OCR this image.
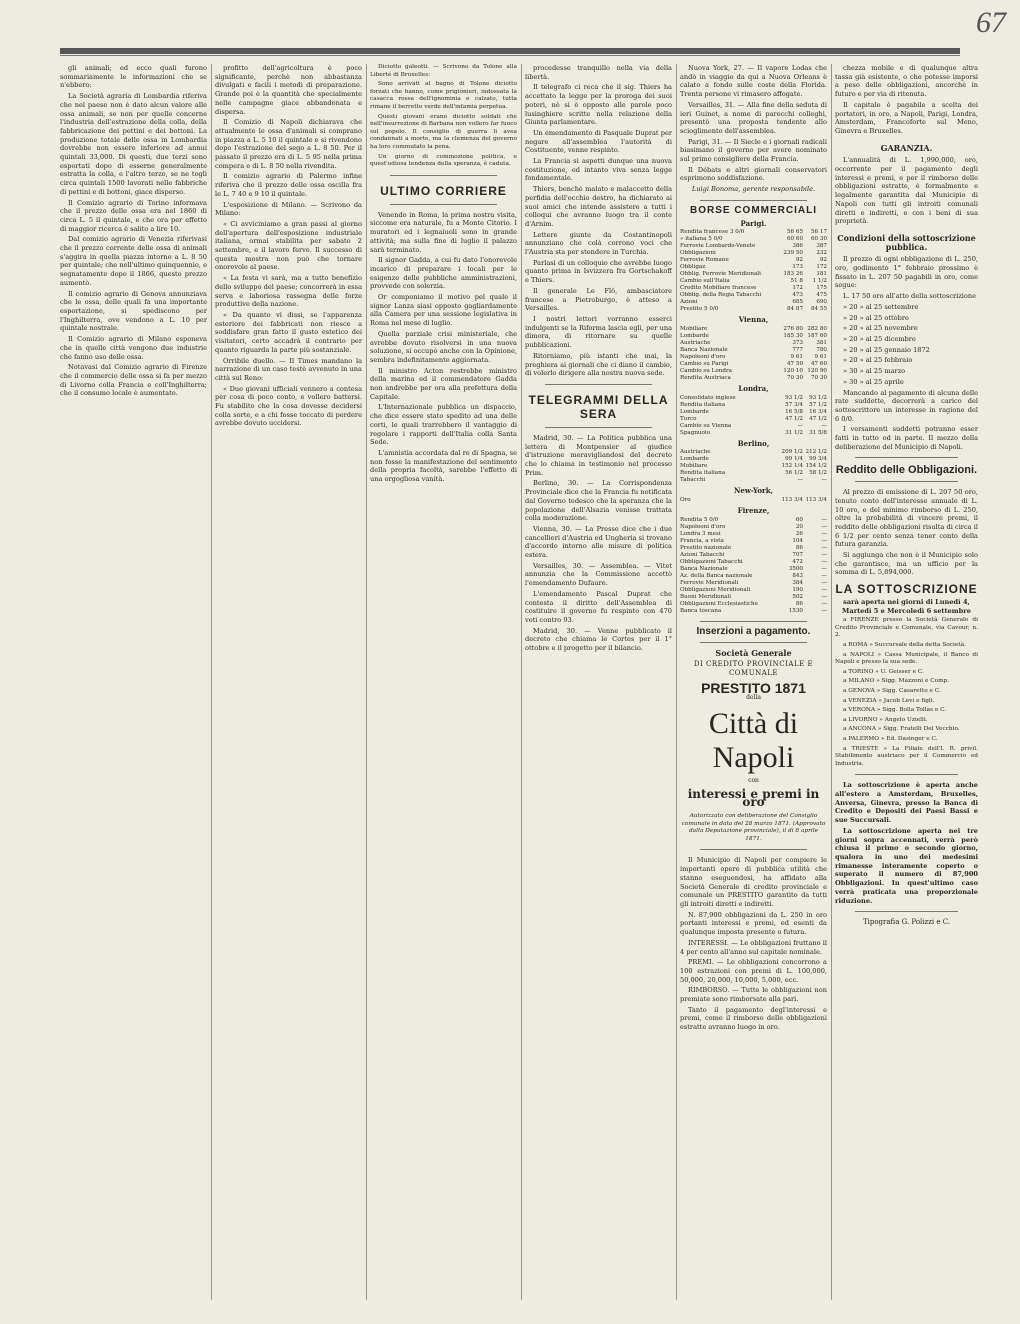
67

gli animali; ed ecco quali furono sommariamente le informazioni che se n'ebbero:

La Società agraria di Lombardia riferiva che nel paese non è dato alcun valore alle ossa animali, se non per quelle concerne l'industria dell'estrazione della colla, della fabbricazione dei pettini e dei bottoni. La produzione totale delle ossa in Lombardia dovrebbe non essere inferiore ad annui quintali 33,000. Di questi, due terzi sono esportati dopo di esserne generalmente estratta la colla, e l'altro terzo, se ne togli circa quintali 1500 lavorati nelle fabbriche di pettini e di bottoni, giace disperso.

Il Comizio agrario di Torino informava che il prezzo delle ossa era nel 1860 di circa L. 5 il quintale, e che ora per effetto di maggior ricerca è salito a lire 10.

Dal comizio agrario di Venezia riferivasi che il prezzo corrente delle ossa di animali s'aggira in quella piazza intorno a L. 8 50 per quintale; che nell'ultimo quinquennio, e segnatamente dopo il 1866, questo prezzo aumentò.

Il comizio agrario di Genova annunziava che le ossa, delle quali fa una importante esportazione, si spediscono per l'Inghilterra, ove vendono a L. 10 per quintale nostrale.

Il Comizio agrario di Milano esponeva che in quelle città vengono due industrie che fanno uso delle ossa.

Notavasi dal Comizio agrario di Firenze che il commercio delle ossa si fa per mezzo di Livorno colla Francia e coll'Inghilterra; che il consumo locale è aumentato.

profitto dell'agricoltura è poco significante, perchè non abbastanza divulgati e facili i metodi di preparazione. Grande poi è la quantità che specialmente nelle campagne giace abbandonata e dispersa.

Il Comizio di Napoli dichiarava che attualmente le ossa d'animali si comprano in piazza a L. 5 10 il quintale e si rivendono dopo l'estrazione del sego a L. 8 50. Per il passato il prezzo era di L. 5 95 nella prima compera e di L. 8 50 nella rivendita.

Il comizio agrario di Palermo infine riferiva che il prezzo delle ossa oscilla fra le L. 7 40 e 9 10 il quintale.

L'esposizione di Milano. — Scrivono da Milano:

« Ci avviciniamo a gran passi al giorno dell'apertura dell'esposizione industriale italiana, ormai stabilita per sabato 2 settembre, e il lavoro ferve. Il successo di questa mostra non può che tornare onorevole al paese.

« La festa vi sarà, ma a tutto benefizio dello sviluppo del paese; concorrerà in essa serva e laboriosa rassegna delle forze produttive della nazione.

« Da quanto vi dissi, se l'apparenza esteriore dei fabbricati non riesce a soddisfare gran fatto il gusto estetico dei visitatori, certo accadrà il contrario per quanto riguarda la parte più sostanziale.

Orribile duello. — Il Times mandano la narrazione di un caso testè avvenuto in una città sul Reno:

« Due giovani ufficiali vennero a contesa per cosa di poco conto, e vollero battersi. Fu stabilito che la cosa dovesse decidersi colla sorte, e a chi fosse toccato di perdere avrebbe dovuto uccidersi.

Diciotto galeotti. — Scrivono da Tolone alla Liberté di Bruxelles:

Sono arrivati al bagno di Tolone diciotto forzati che hanno, come prigionieri, indossata la casacca rossa dell'ignominia e calzato, tutta rimane il berretto verde dell'infamia perpetua.

Questi giovani erano diciotto soldati che nell'insurrezione di Barbana non vollero far fuoco sul popolo. Il consiglio di guerra li avea condannati a morte, ma la clemenza del governo ha loro commutato la pena.

Un giorno di commozione politica, e quest'odiosa tendenza della speranza, è caduta.

ULTIMO CORRIERE

Venendo in Roma, la prima nostra visita, siccome era naturale, fu a Monte Citorio. I muratori ed i legnaiuoli sono in grande attività; ma sulla fine di luglio il palazzo sarà terminato.

Il signor Gadda, a cui fu dato l'onorevole incarico di preparare i locali per le esigenze delle pubbliche amministrazioni, provvede con solerzia.

Or componiamo il motivo pel quale il signor Lanza siasi opposto gagliardamente alla Camera per una sessione legislativa in Roma nel mese di luglio.

Quella parziale crisi ministeriale, che avrebbe dovuto risolversi in una nuova soluzione, si occupò anche con la Opinione, sembra indefinitamente aggiornata.

Il ministro Acton restrebbe ministro della marina ed il commendatore Gadda non andrebbe per ora alla prefettura della Capitale.

L'Internazionale pubblica un dispaccio, che dice essere stato spedito ad una delle corti, le quali trarrebbero il vantaggio di regolare i rapporti dell'Italia colla Santa Sede.

L'amnistia accordata dal re di Spagna, se non fosse la manifestazione del sentimento della propria facoltà, sarebbe l'effetto di una orgogliosa vanità.

procedesse tranquillo nella via della libertà.

Il telegrafo ci reca che il sig. Thiers ha accettato la legge per la proroga dei suoi poteri, nè si è opposto alle parole poco lusinghiere scritte nella relazione della Giunta parlamentare.

Un emendamento di Pasquale Duprat per negare all'assemblea l'autorità di Costituente, venne respinto.

La Francia si aspetti dunque una nuova costituzione, ed intanto viva senza legge fondamentale.

Thiers, benchè malato e malaccetto della perfidia dell'occhio destro, ha dichiarato ai suoi amici che intende assistere a tutti i colloqui che avranno luogo tra il conte d'Arnim.

Lettere giunte da Costantinopoli annunziano che colà corrono voci che l'Austria sta per stendere in Turchia.

Parlasi di un colloquio che avrebbe luogo quanto prima in Isvizzera fra Gortschakoff e Thiers.

Il generale Le Flô, ambasciatore francese a Pietroburgo, è atteso a Versailles.

I nostri lettori vorranno esserci indulgenti se la Riforma lascia egli, per una dimora, di ritornare su quelle pubblicazioni.

Ritorniamo, più istanti che mai, la preghiera ai giornali che ci diano il cambio, di volerlo dirigere alla nostra nuova sede.

TELEGRAMMI DELLA SERA

Madrid, 30. — La Politica pubblica una lettera di Montpensier al giudice d'istruzione meravigliandosi del decreto che lo chiama in testimonio nel processo Prim.

Berlino, 30. — La Corrispondenza Provinciale dice che la Francia fu notificata dal Governo tedesco che la speranza che la popolazione dell'Alsazia venisse trattata colla moderazione.

Vienna, 30. — La Presse dice che i due cancellieri d'Austria ed Ungheria si trovano d'accordo intorno alle misure di politica estera.

Versailles, 30. — Assemblea. — Vitet annunzia che la Commissione accettò l'emendamento Dufaure.

L'emendamento Pascal Duprat che contesta il diritto dell'Assemblea di costituire il governo fu respinto con 470 voti contro 93.

Madrid, 30. — Venne pubblicato il decreto che chiama le Cortes per il 1° ottobre e il progetto per il bilancio.

Nuova York, 27. — Il vapore Lodas che andò in viaggio da qui a Nuova Orleans è calato a fondo sulle coste della Florida. Trenta persone vi rimasero affogate.

Versailles, 31. — Alla fine della seduta di ieri Guinet, a nome di parecchi colleghi, presentò una proposta tendente allo scioglimento dell'assemblea.

Parigi, 31. — Il Siecle e i giornali radicali biasimano il governo per avere nominato sul primo consigliere della Francia.

Il Débats e altri giornali conservatori esprimono soddisfazione.

Luigi Bonoma, gerente responsabile.

BORSE COMMERCIALI
Parigi.
Rendita francese 3 0/0	56 65	56 17
» italiana 5 0/0	60 60	60 30
Ferrovie Lombardo-Venete	386	387
Obbligazioni	239 50	232
Ferrovie Romane	92	92
Obbligaz.	173	172
Obblig. Ferrovie Meridionali	183 26	181
Cambio sull'Italia	51 8	1 1/2
Credito Mobiliare francese	172	175
Obblig. della Regia Tabacchi	473	475
Azioni	685	690
Prestito 5 0/0	84 87	84 55
Vienna,
Mobiliare	276 80	282 80
Lombarde	185 30	187 60
Austriache	373	381
Banca Nazionale	777	780
Napoleoni d'oro	9 61	9 61
Cambio su Parigi	47 50	47 60
Cambio su Londra	120 10	120 90
Rendita Austriaca	70 30	70 30
Londra,
Consolidato inglese	93 1/2	93 1/2
Rendita italiana	57 3/4	57 1/2
Lombarde	16 5/8	16 3/4
Turco	47 1/2	47 1/2
Cambio su Vienna	—	—
Spagnuolo	31 1/2	31 5/8
Berlino,
Austriache	209 1/2	212 1/2
Lombarde	99 1/4	99 3/4
Mobiliare	152 1/4	154 1/2
Rendita italiana	56 1/2	58 1/2
Tabacchi	—	—
New-York,
Oro	113 3/4	113 3/4
Firenze,
Rendita 5 0/0	60	—
Napoleoni d'oro	20	—
Londra 3 mesi	26	—
Francia, a vista	104	—
Prestito nazionale	86	—
Azioni Tabacchi	707	—
Obbligazioni Tabacchi	472	—
Banca Nazionale	3500	—
Az. della Banca nazionale	843	—
Ferrovie Meridionali	384	—
Obbligazioni Meridionali	190	—
Buoni Meridionali	502	—
Obbligazioni Ecclesiastiche	86	—
Banca toscana	1530	—
Inserzioni a pagamento.
Società Generale
DI CREDITO PROVINCIALE E COMUNALE
PRESTITO 1871
della
Città di Napoli
con
interessi e premi in oro

Autorizzato con deliberazione del Consiglio comunale in data del 28 marzo 1871. (Approvato dalla Deputazione provinciale), il di 8 aprile 1871.

Il Municipio di Napoli per compiere le importanti opere di pubblica utilità che stanno eseguendosi, ha affidato alla Società Generale di credito provinciale e comunale un PRESTITO garantito da tutti gli introiti diretti e indiretti.

N. 87,900 obbligazioni da L. 250 in oro portanti interessi e premi, ed esenti da qualunque imposta presente o futura.

INTERESSI. — Le obbligazioni fruttano il 4 per cento all'anno sul capitale nominale.

PREMI. — Le obbligazioni concorrono a 100 estrazioni con premi di L. 100,000, 50,000, 20,000, 10,000, 5,000, ecc.

RIMBORSO. — Tutte le obbligazioni non premiate sono rimborsate alla pari.

Tanto il pagamento degl'interessi e premi, come il rimborso delle obbligazioni estratte avranno luogo in oro.

chezza mobile e di qualunque altra tassa già esistente, o che potesse imporsi a peso delle obbligazioni, ancorchè in futuro e per via di ritenuta.

Il capitale è pagabile a scelta dei portatori, in oro, a Napoli, Parigi, Londra, Amsterdam, Francoforte sul Meno, Ginevra e Bruxelles.

GARANZIA.

L'annualità di L. 1,990,000, oro, occorrente per il pagamento degli interessi e premi, e per il rimborso delle obbligazioni estratte, è formalmente e legalmente garantita dal Municipio di Napoli con tutti gli introiti comunali diretti e indiretti, e con i beni di sua proprietà.

Condizioni della sottoscrizione pubblica.

Il prezzo di ogni obbligazione di L. 250, oro, godimento 1° febbraio prossimo è fissato in L. 207 50 pagabili in oro, come segue:

L. 17 50 oro all'atto della sottoscrizione

» 20 » al 25 settembre

» 20 » al 25 ottobre

» 20 » al 25 novembre

» 20 » al 25 dicembre

» 20 » al 25 gennaio 1872

» 20 » al 25 febbraio

» 30 » al 25 marzo

» 30 » al 25 aprile

Mancando al pagamento di alcuna delle rate suddette, decorrerà a carico del sottoscrittore un interesse in ragione del 6 0/0.

I versamenti suddetti potranno esser fatti in tutto od in parte. Il mezzo della deliberazione del Municipio di Napoli.

Reddito delle Obbligazioni.

Al prezzo di emissione di L. 207 50 oro, tenuto conto dell'interesse annuale di L. 10 oro, e del minimo rimborso di L. 250, oltre la probabilità di vincere premi, il reddito delle obbligazioni risulta di circa il 6 1/2 per cento senza tener conto della futura garanzia.

Si aggiunga che non è il Municipio solo che garantisce, ma un ufficio per la somma di L. 5,894,000.

LA SOTTOSCRIZIONE

sarà aperta nei giorni di Lunedì 4, Martedì 5 e Mercoledì 6 settembre

a FIRENZE presso la Società Generale di Credito Provinciale e Comunale, via Cavour, n. 2.

a ROMA » Succursale della detta Società.

a NAPOLI » Cassa Municipale, il Banco di Napoli e presso la sua sede.

a TORINO » U. Geisser e C.

a MILANO » Sigg. Mazzoni e Comp.

a GENOVA » Sigg. Casaretto e C.

a VENEZIA » Jacob Levi e figli.

a VERONA » Sigg. Bolla Tollas e C.

a LIVORNO » Angelo Uzielli.

a ANCONA » Sigg. Fratelli Del Vecchio.

a PALERMO » Ed. Dasinger e C.

a TRIESTE » La Filiale dell'I. R. privil. Stabilimento austriaco per il Commercio ed Industria.

La sottoscrizione è aperta anche all'estero a Amsterdam, Bruxelles, Anversa, Ginevra, presso la Banca di Credito e Depositi dei Paesi Bassi e sue Succursali.

La sottoscrizione aperta nei tre giorni sopra accennati, verrà però chiusa il primo o secondo giorno, qualora in uno dei medesimi rimanesse interamente coperto o superato il numero di 87,900 Obbligazioni. In quest'ultimo caso verrà praticata una proporzionale riduzione.

Tipografia G. Polizzi e C.
